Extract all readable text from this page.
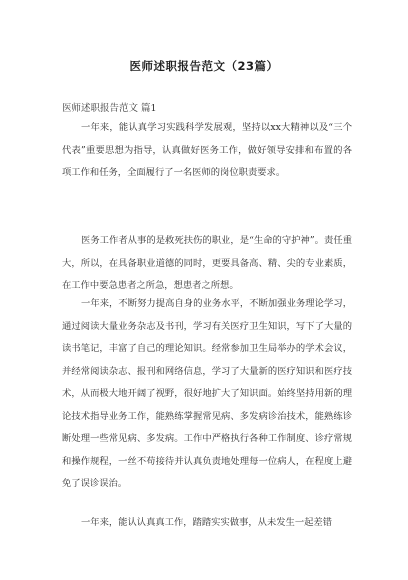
医师述职报告范文（23篇）

医师述职报告范文 篇1

一年来，能认真学习实践科学发展观，坚持以xx大精神以及“三个代表”重要思想为指导，认真做好医务工作，做好领导安排和布置的各项工作和任务，全面履行了一名医师的岗位职责要求。

医务工作者从事的是救死扶伤的职业，是“生命的守护神”。责任重大，所以，在具备职业道德的同时，更要具备高、精、尖的专业素质，在工作中要急患者之所急，想患者之所想。

一年来，不断努力提高自身的业务水平，不断加强业务理论学习，通过阅读大量业务杂志及书刊，学习有关医疗卫生知识，写下了大量的读书笔记，丰富了自己的理论知识。经常参加卫生局举办的学术会议，并经常阅读杂志、报刊和网络信息，学习了大量新的医疗知识和医疗技术，从而极大地开阔了视野，很好地扩大了知识面。始终坚持用新的理论技术指导业务工作，能熟练掌握常见病、多发病诊治技术，能熟练诊断处理一些常见病、多发病。工作中严格执行各种工作制度、诊疗常规和操作规程，一丝不苟接待并认真负责地处理每一位病人，在程度上避免了误诊误治。

一年来，能认认真真工作，踏踏实实做事，从未发生一起差错
